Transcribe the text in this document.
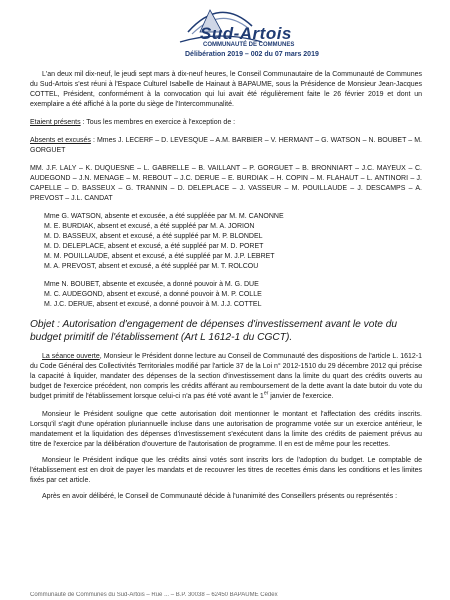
Sud-Artois
COMMUNAUTÉ DE COMMUNES
Délibération 2019 – 002 du 07 mars 2019

L'an deux mil dix-neuf, le jeudi sept mars à dix-neuf heures, le Conseil Communautaire de la Communauté de Communes du Sud-Artois s'est réuni à l'Espace Culturel Isabelle de Hainaut à BAPAUME, sous la Présidence de Monsieur Jean-Jacques COTTEL, Président, conformément à la convocation qui lui avait été régulièrement faite le 26 février 2019 et dont un exemplaire a été affiché à la porte du siège de l'Intercommunalité.

Etaient présents : Tous les membres en exercice à l'exception de :

Absents et excusés : Mmes J. LECERF – D. LEVESQUE – A.M. BARBIER – V. HERMANT – G. WATSON – N. BOUBET – M. GORGUET

MM. J.F. LALY – K. DUQUESNE – L. GABRELLE – B. VAILLANT – P. GORGUET – B. BRONNIART – J.C. MAYEUX – C. AUDEGOND – J.N. MENAGE – M. REBOUT – J.C. DERUE – E. BURDIAK – H. COPIN – M. FLAHAUT – L. ANTINORI – J. CAPELLE – D. BASSEUX – G. TRANNIN – D. DELEPLACE – J. VASSEUR – M. POUILLAUDE – J. DESCAMPS – A. PREVOST – J.L. CANDAT

Mme G. WATSON, absente et excusée, a été suppléée par M. M. CANONNE

M. E. BURDIAK, absent et excusé, a été suppléé par M. A. JORION

M. D. BASSEUX, absent et excusé, a été suppléé par M. P. BLONDEL

M. D. DELEPLACE, absent et excusé, a été suppléé par M. D. PORET

M. M. POUILLAUDE, absent et excusé, a été suppléé par M. J.P. LEBRET

M. A. PREVOST, absent et excusé, a été suppléé par M. T. ROLCOU

Mme N. BOUBET, absente et excusée, a donné pouvoir à M. G. DUE

M. C. AUDEGOND, absent et excusé, a donné pouvoir à M. P. COLLE

M. J.C. DERUE, absent et excusé, a donné pouvoir à M. J.J. COTTEL

Objet : Autorisation d'engagement de dépenses d'investissement avant le vote du budget primitif de l'établissement (Art L 1612-1 du CGCT).

La séance ouverte, Monsieur le Président donne lecture au Conseil de Communauté des dispositions de l'article L. 1612-1 du Code Général des Collectivités Territoriales modifié par l'article 37 de la Loi n° 2012-1510 du 29 décembre 2012 qui précise la capacité à liquider, mandater des dépenses de la section d'investissement dans la limite du quart des crédits ouverts au budget de l'exercice précédent, non compris les crédits afférant au remboursement de la dette avant la date butoir du vote du budget primitif de l'établissement lorsque celui-ci n'a pas été voté avant le 1er janvier de l'exercice.

Monsieur le Président souligne que cette autorisation doit mentionner le montant et l'affectation des crédits inscrits. Lorsqu'il s'agit d'une opération pluriannuelle incluse dans une autorisation de programme votée sur un exercice antérieur, le mandatement et la liquidation des dépenses d'investissement s'exécutent dans la limite des crédits de paiement prévus au titre de l'exercice par la délibération d'ouverture de l'autorisation de programme. Il en est de même pour les recettes.

Monsieur le Président indique que les crédits ainsi votés sont inscrits lors de l'adoption du budget. Le comptable de l'établissement est en droit de payer les mandats et de recouvrer les titres de recettes émis dans les conditions et les limites fixés par cet article.

Après en avoir délibéré, le Conseil de Communauté décide à l'unanimité des Conseillers présents ou représentés :

Communauté de Communes du Sud-Artois – Rue ... – B.P. 30038 – 62450 BAPAUME Cedex
